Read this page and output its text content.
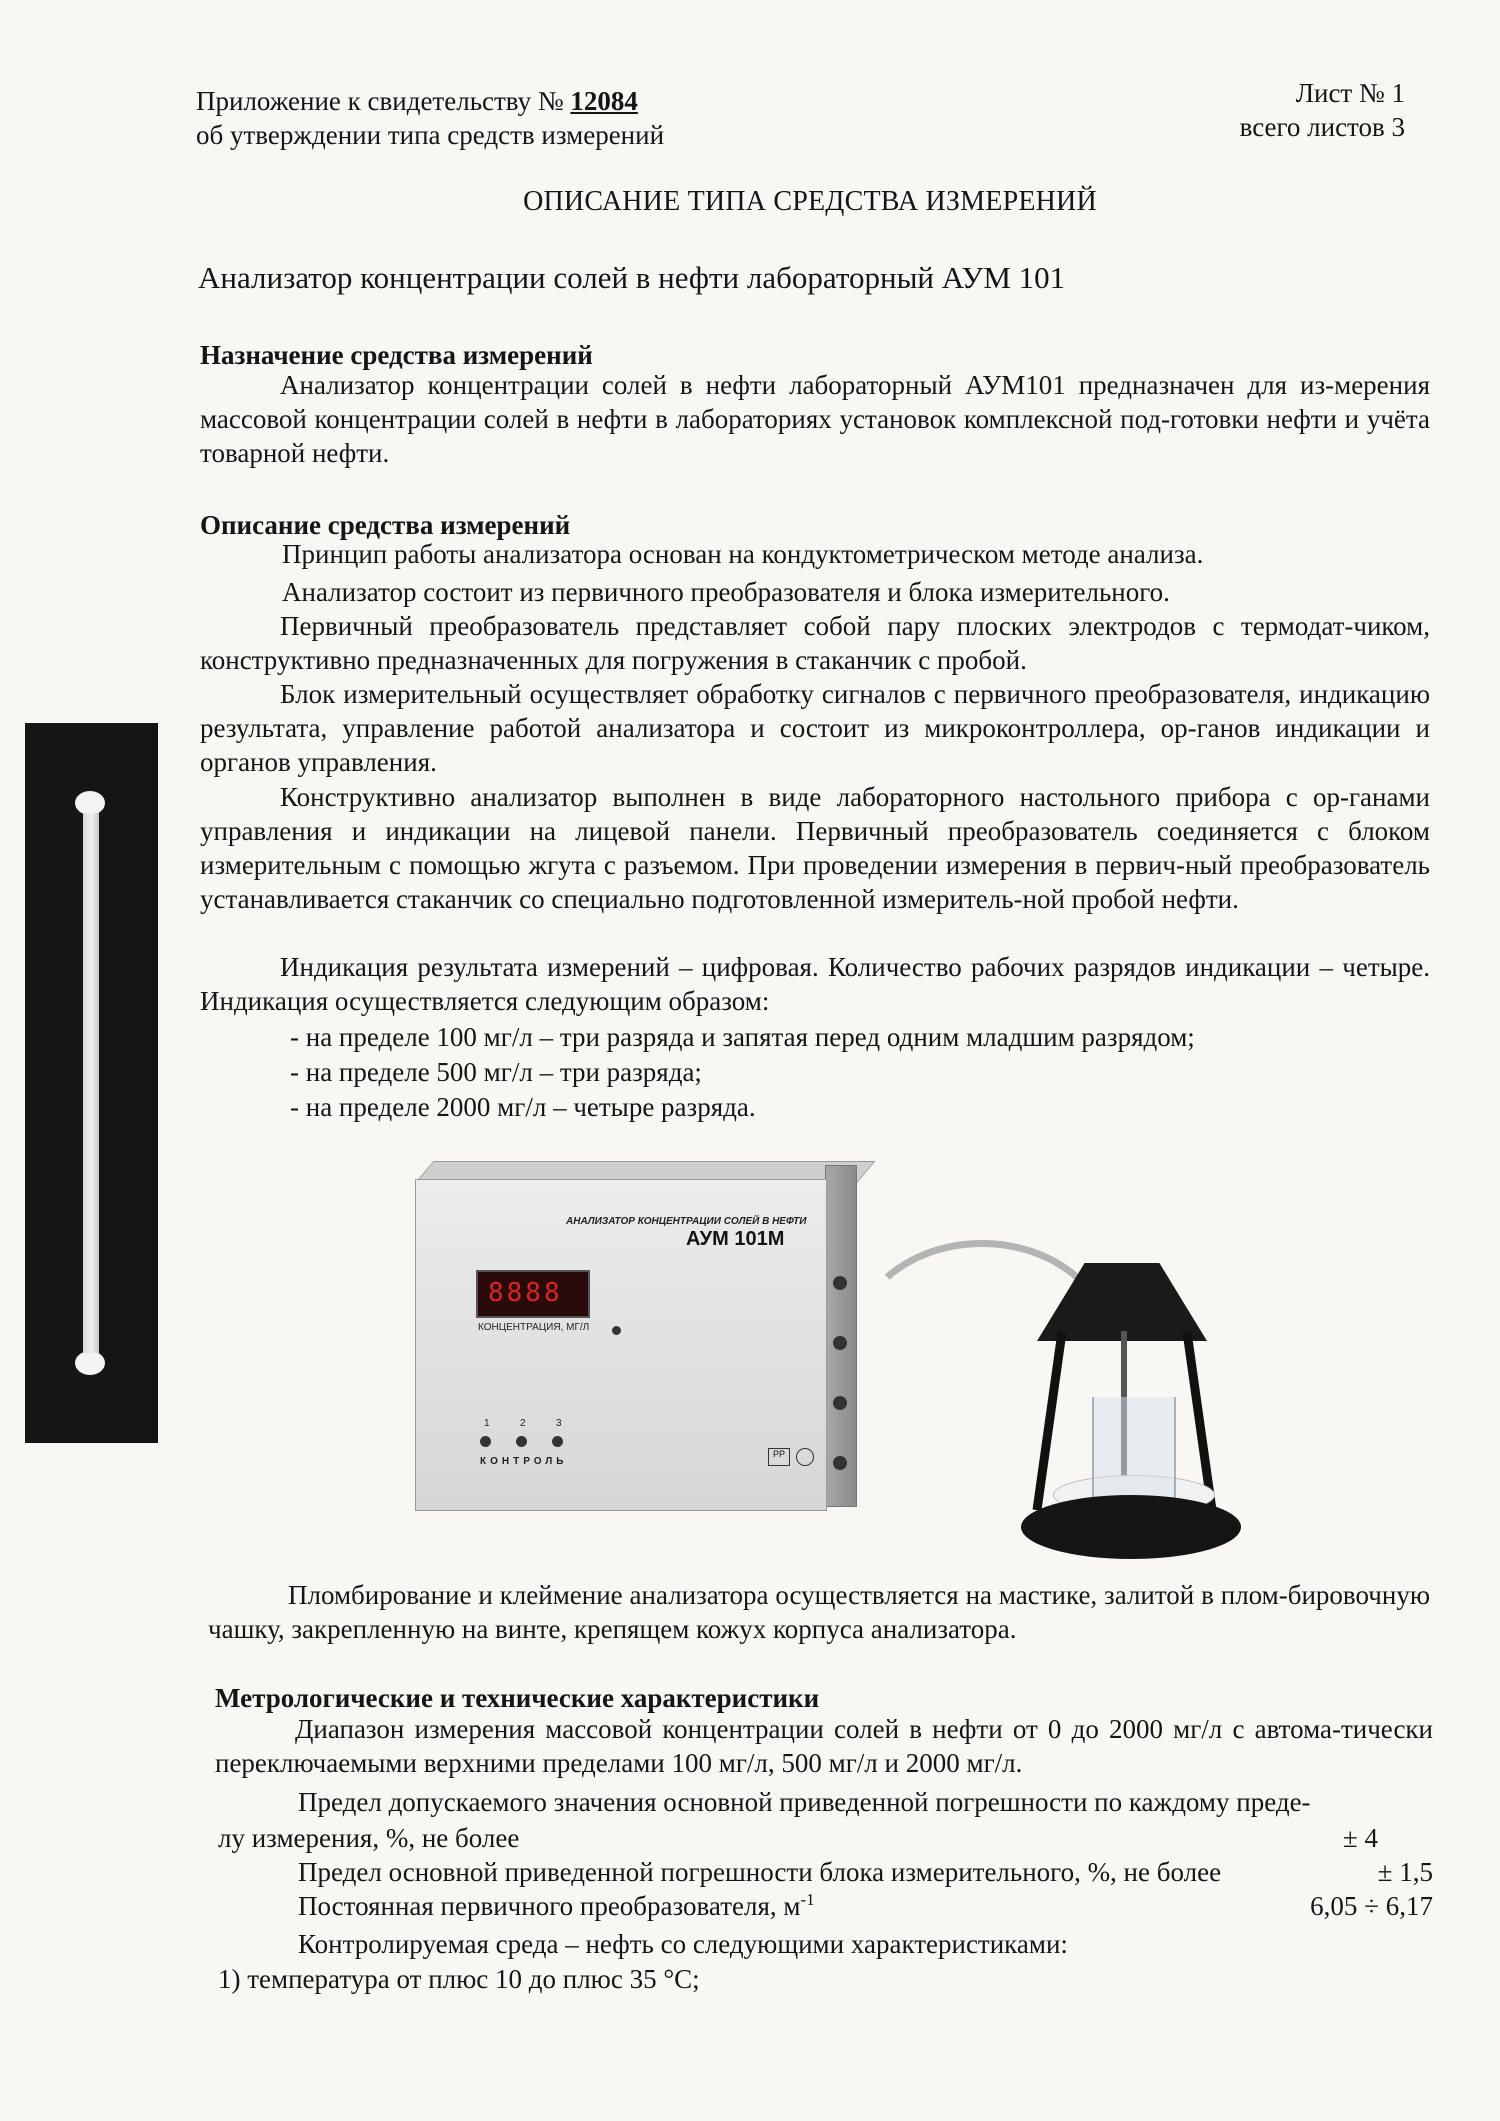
Приложение к свидетельству № 12084
об утверждении типа средств измерений
Лист № 1
всего листов 3
ОПИСАНИЕ ТИПА СРЕДСТВА ИЗМЕРЕНИЙ
Анализатор концентрации солей в нефти лабораторный АУМ 101
Назначение средства измерений
Анализатор концентрации солей в нефти лабораторный АУМ101 предназначен для из-мерения массовой концентрации солей в нефти в лабораториях установок комплексной под-готовки нефти и учёта товарной нефти.
Описание средства измерений
Принцип работы анализатора основан на кондуктометрическом методе анализа.
Анализатор состоит из первичного преобразователя и блока измерительного.
Первичный преобразователь представляет собой пару плоских электродов с термодат-чиком, конструктивно предназначенных для погружения в стаканчик с пробой.
Блок измерительный осуществляет обработку сигналов с первичного преобразователя, индикацию результата, управление работой анализатора и состоит из микроконтроллера, ор-ганов индикации и органов управления.
Конструктивно анализатор выполнен в виде лабораторного настольного прибора с ор-ганами управления и индикации на лицевой панели. Первичный преобразователь соединяется с блоком измерительным с помощью жгута с разъемом. При проведении измерения в первич-ный преобразователь устанавливается стаканчик со специально подготовленной измеритель-ной пробой нефти.
Индикация результата измерений – цифровая. Количество рабочих разрядов индикации – четыре. Индикация осуществляется следующим образом:
- на пределе 100 мг/л – три разряда и запятая перед одним младшим разрядом;
- на пределе 500 мг/л – три разряда;
- на пределе 2000 мг/л – четыре разряда.
АНАЛИЗАТОР КОНЦЕНТРАЦИИ СОЛЕЙ В НЕФТИ
АУМ 101М
8888
КОНЦЕНТРАЦИЯ, МГ/Л
1	2	3
КОНТРОЛЬ
PP
Пломбирование и клеймение анализатора осуществляется на мастике, залитой в плом-бировочную чашку, закрепленную на винте, крепящем кожух корпуса анализатора.
Метрологические и технические характеристики
Диапазон измерения массовой концентрации солей в нефти от 0 до 2000 мг/л с автома-тически переключаемыми верхними пределами 100 мг/л, 500 мг/л и 2000 мг/л.
Предел допускаемого значения основной приведенной погрешности по каждому преде-
лу измерения, %, не более	± 4
Предел основной приведенной погрешности блока измерительного, %, не более	± 1,5
Постоянная первичного преобразователя, $м^{-1}$	6,05 ÷ 6,17
Контролируемая среда – нефть со следующими характеристиками:
1) температура от плюс 10 до плюс 35 °С;
